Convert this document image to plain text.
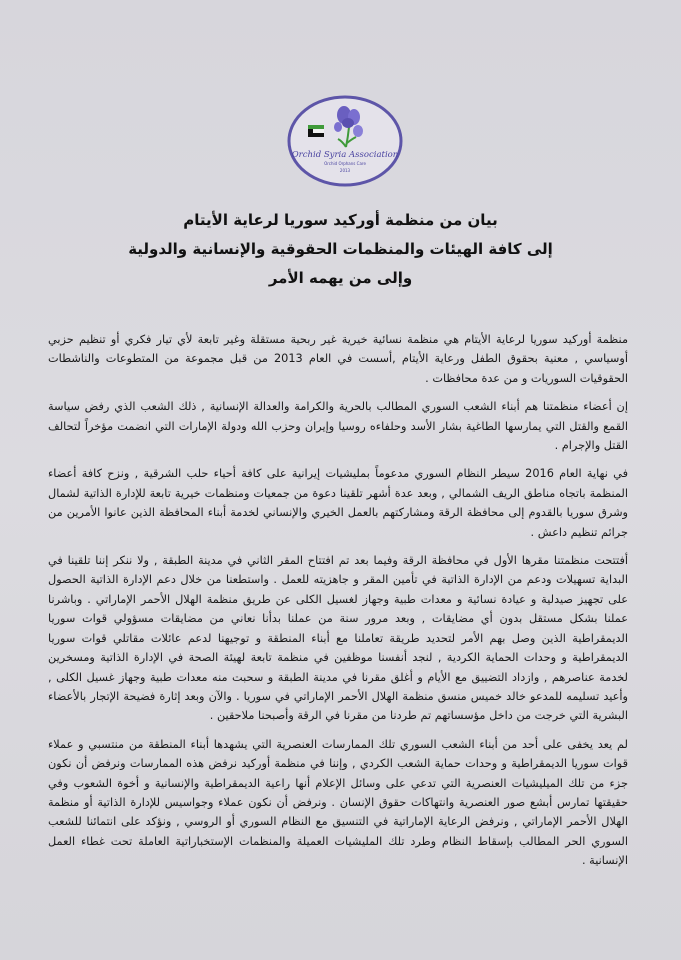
Orchid Syria Association
Orchid Orphans Care
2013
بيان من منظمة أوركيد سوريا لرعاية الأيتام
إلى كافة الهيئات والمنظمات الحقوقية والإنسانية والدولية
وإلى من يهمه الأمر

منظمة أوركيد سوريا لرعاية الأيتام هي منظمة نسائية خيرية غير ربحية مستقلة وغير تابعة لأي تيار فكري أو تنظيم حزبي أوسياسي , معنية بحقوق الطفل ورعاية الأيتام ,أسست في العام 2013 من قبل مجموعة من المتطوعات والناشطات الحقوقيات السوريات و من عدة محافظات .

إن أعضاء منظمتنا هم أبناء الشعب السوري المطالب بالحرية والكرامة والعدالة الإنسانية , ذلك الشعب الذي رفض سياسة القمع والقتل التي يمارسها الطاغية بشار الأسد وحلفاءه روسيا وإيران وحزب الله ودولة الإمارات التي انضمت مؤخراً لتحالف القتل والإجرام .

في نهاية العام 2016 سيطر النظام السوري مدعوماً بمليشيات إيرانية على كافة أحياء حلب الشرقية , ونزح كافة أعضاء المنظمة باتجاه مناطق الريف الشمالي , وبعد عدة أشهر تلقينا دعوة من جمعيات ومنظمات خيرية تابعة للإدارة الذاتية لشمال وشرق سوريا بالقدوم إلى محافظة الرقة ومشاركتهم بالعمل الخيري والإنساني لخدمة أبناء المحافظة الذين عانوا الأمرين من جرائم تنظيم داعش .

أفتتحت منظمتنا مقرها الأول في محافظة الرقة وفيما بعد تم افتتاح المقر الثاني في مدينة الطبقة , ولا ننكر إننا تلقينا في البداية تسهيلات ودعم من الإدارة الذاتية في تأمين المقر و جاهزيته للعمل . واستطعنا من خلال دعم الإدارة الذاتية الحصول على تجهيز صيدلية و عيادة نسائية و معدات طبية وجهاز لغسيل الكلى عن طريق منظمة الهلال الأحمر الإماراتي . وباشرنا عملنا بشكل مستقل بدون أي مضايقات , وبعد مرور سنة من عملنا بدأنا نعاني من مضايقات مسؤولي قوات سوريا الديمقراطية الذين وصل بهم الأمر لتحديد طريقة تعاملنا مع أبناء المنطقة و توجيهنا لدعم عائلات مقاتلي قوات سوريا الديمقراطية و وحدات الحماية الكردية , لنجد أنفسنا موظفين في منظمة تابعة لهيئة الصحة في الإدارة الذاتية ومسخرين لخدمة عناصرهم , وازداد التضييق مع الأيام و أغلق مقرنا في مدينة الطبقة و سحبت منه معدات طبية وجهاز غسيل الكلى , وأعيد تسليمه للمدعو خالد خميس منسق منظمة الهلال الأحمر الإماراتي في سوريا . والآن وبعد إثارة فضيحة الإتجار بالأعضاء البشرية التي خرجت من داخل مؤسساتهم تم طردنا من مقرنا في الرقة وأصبحنا ملاحقين .

لم يعد يخفى على أحد من أبناء الشعب السوري تلك الممارسات العنصرية التي يشهدها أبناء المنطقة من منتسبي و عملاء قوات سوريا الديمقراطية و وحدات حماية الشعب الكردي , وإننا في منظمة أوركيد نرفض هذه الممارسات ونرفض أن نكون جزء من تلك الميليشيات العنصرية التي تدعي على وسائل الإعلام أنها راعية الديمقراطية والإنسانية و أخوة الشعوب وفي حقيقتها تمارس أبشع صور العنصرية وانتهاكات حقوق الإنسان . ونرفض أن نكون عملاء وجواسيس للإدارة الذاتية أو منظمة الهلال الأحمر الإماراتي , ونرفض الرعاية الإماراتية في التنسيق مع النظام السوري أو الروسي , ونؤكد على انتمائنا للشعب السوري الحر المطالب بإسقاط النظام وطرد تلك المليشيات العميلة والمنظمات الإستخباراتية العاملة تحت غطاء العمل الإنسانية .
